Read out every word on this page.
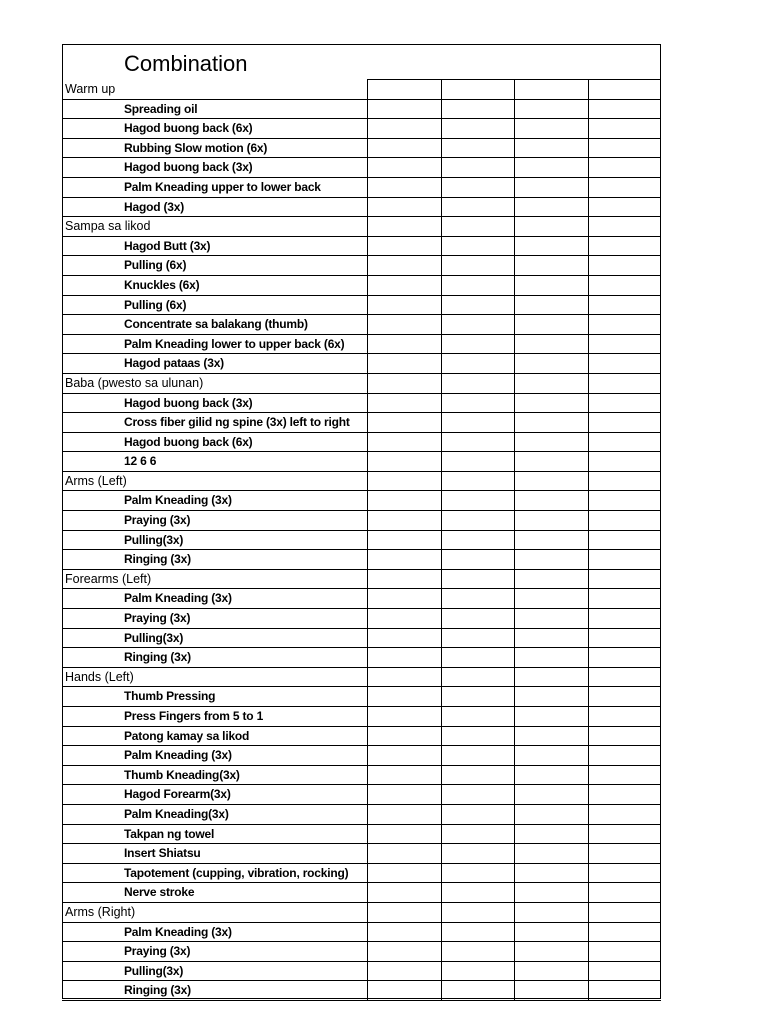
Combination
Warm up
Spreading oil
Hagod buong back (6x)
Rubbing Slow motion (6x)
Hagod buong back (3x)
Palm Kneading upper to lower back
Hagod (3x)
Sampa sa likod
Hagod Butt (3x)
Pulling (6x)
Knuckles (6x)
Pulling (6x)
Concentrate sa balakang (thumb)
Palm Kneading lower to upper back (6x)
Hagod pataas (3x)
Baba (pwesto sa ulunan)
Hagod buong back (3x)
Cross fiber gilid ng spine (3x) left to right
Hagod buong back (6x)
12 6 6
Arms (Left)
Palm Kneading (3x)
Praying (3x)
Pulling(3x)
Ringing (3x)
Forearms (Left)
Palm Kneading (3x)
Praying (3x)
Pulling(3x)
Ringing (3x)
Hands (Left)
Thumb Pressing
Press Fingers from 5 to 1
Patong kamay sa likod
Palm Kneading (3x)
Thumb Kneading(3x)
Hagod Forearm(3x)
Palm Kneading(3x)
Takpan ng towel
Insert Shiatsu
Tapotement (cupping, vibration, rocking)
Nerve stroke
Arms (Right)
Palm Kneading (3x)
Praying (3x)
Pulling(3x)
Ringing (3x)
